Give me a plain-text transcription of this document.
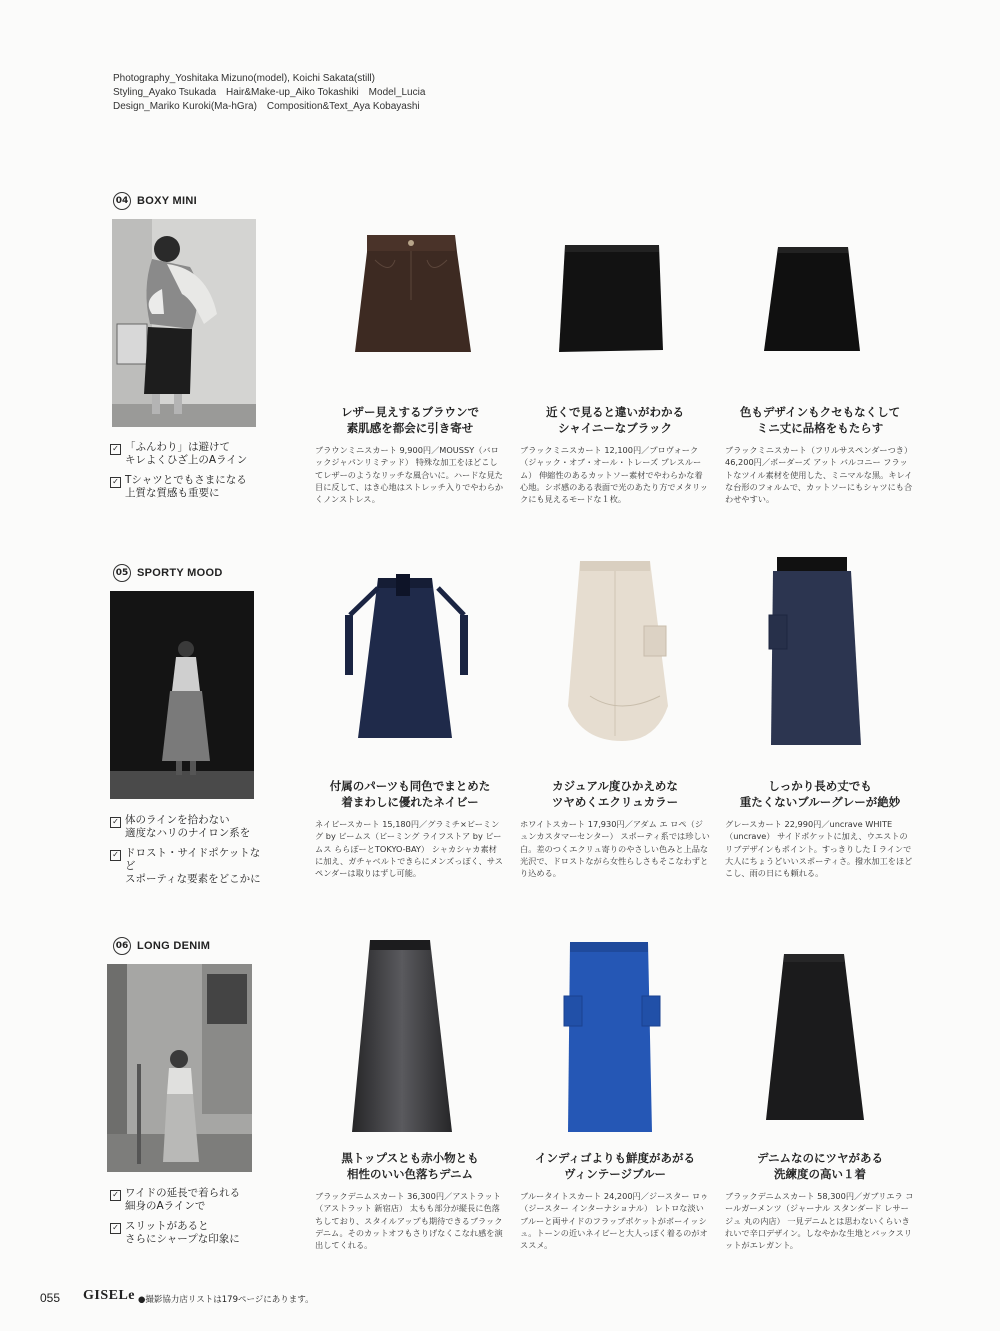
Photography_Yoshitaka Mizuno(model), Koichi Sakata(still)
Styling_Ayako Tsukada　Hair&Make-up_Aiko Tokashiki　Model_Lucia
Design_Mariko Kuroki(Ma-hGra)　Composition&Text_Aya Kobayashi
04 BOXY MINI
✓ 「ふんわり」は避けて
キレよくひざ上のAライン
✓ Tシャツとでもさまになる
上質な質感も重要に
レザー見えするブラウンで
素肌感を都会に引き寄せ
ブラウンミニスカート 9,900円／MOUSSY（バロックジャパンリミテッド） 特殊な加工をほどこしてレザーのようなリッチな風合いに。ハードな見た目に反して、はき心地はストレッチ入りでやわらかくノンストレス。
近くで見ると違いがわかる
シャイニーなブラック
ブラックミニスカート 12,100円／プロヴォーク（ジャック・オブ・オール・トレーズ プレスルーム） 伸縮性のあるカットソー素材でやわらかな着心地。シボ感のある表面で光のあたり方でメタリックにも見えるモードな１枚。
色もデザインもクセもなくして
ミニ丈に品格をもたらす
ブラックミニスカート（フリルサスペンダーつき）46,200円／ボーダーズ アット バルコニー フラットなツイル素材を使用した、ミニマルな黒。キレイな台形のフォルムで、カットソーにもシャツにも合わせやすい。
05 SPORTY MOOD
✓ 体のラインを拾わない
適度なハリのナイロン系を
✓ ドロスト・サイドポケットなど
スポーティな要素をどこかに
付属のパーツも同色でまとめた
着まわしに優れたネイビー
ネイビースカート 15,180円／グラミチ×ビーミング by ビームス（ビーミング ライフストア by ビームス ららぽーとTOKYO-BAY） シャカシャカ素材に加え、ガチャベルトできらにメンズっぽく、サスペンダーは取りはずし可能。
カジュアル度ひかえめな
ツヤめくエクリュカラー
ホワイトスカート 17,930円／アダム エ ロペ（ジュンカスタマーセンター） スポーティ系では珍しい白。差のつくエクリュ寄りのやさしい色みと上品な光沢で、ドロストながら女性らしさもそこなわずとり込める。
しっかり長め丈でも
重たくないブルーグレーが絶妙
グレースカート 22,990円／uncrave WHITE（uncrave） サイドポケットに加え、ウエストのリブデザインもポイント。すっきりしたＩラインで大人にちょうどいいスポーティさ。撥水加工をほどこし、雨の日にも頼れる。
06 LONG DENIM
✓ ワイドの延長で着られる
細身のAラインで
✓ スリットがあると
さらにシャープな印象に
黒トップスとも赤小物とも
相性のいい色落ちデニム
ブラックデニムスカート 36,300円／アストラット（アストラット 新宿店） 太もも部分が縦長に色落ちしており、スタイルアップも期待できるブラックデニム。そのカットオフもさりげなくこなれ感を演出してくれる。
インディゴよりも鮮度があがる
ヴィンテージブルー
ブルータイトスカート 24,200円／ジースター ロゥ（ジースター インターナショナル） レトロな淡いブルーと両サイドのフラップポケットがボーイッシュ。トーンの近いネイビーと大人っぽく着るのがオススメ。
デニムなのにツヤがある
洗練度の高い１着
ブラックデニムスカート 58,300円／ガブリエラ コールガーメンツ（ジャーナル スタンダード レサージュ 丸の内店） 一見デニムとは思わないくらいきれいで辛口デザイン。しなやかな生地とバックスリットがエレガント。
055 GISELe ●撮影協力店リストは179ページにあります。
